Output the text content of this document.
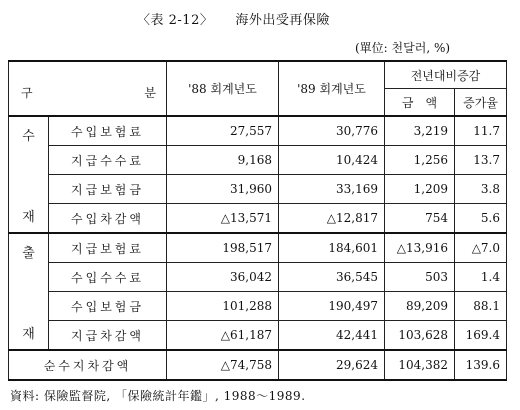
〈表 2-12〉 海外出受再保險
(單位: 천달러, %)
구 분		'88 회계년도	'89 회계년도	전년대비증감	
				금　액	증가율

수
재	수입보험료	27,557	30,776	3,219	11.7
	지급수수료	9,168	10,424	1,256	13.7
	지급보험금	31,960	33,169	1,209	3.8
	수입차감액	△13,571	△12,817	754	5.6

출
재	지급보험료	198,517	184,601	△13,916	△7.0
	수입수수료	36,042	36,545	503	1.4
	수입보험금	101,288	190,497	89,209	88.1
	지급차감액	△61,187	42,441	103,628	169.4
순수지차감액		△74,758	29,624	104,382	139.6
資料: 保險監督院, 「保險統計年鑑」, 1988～1989.
